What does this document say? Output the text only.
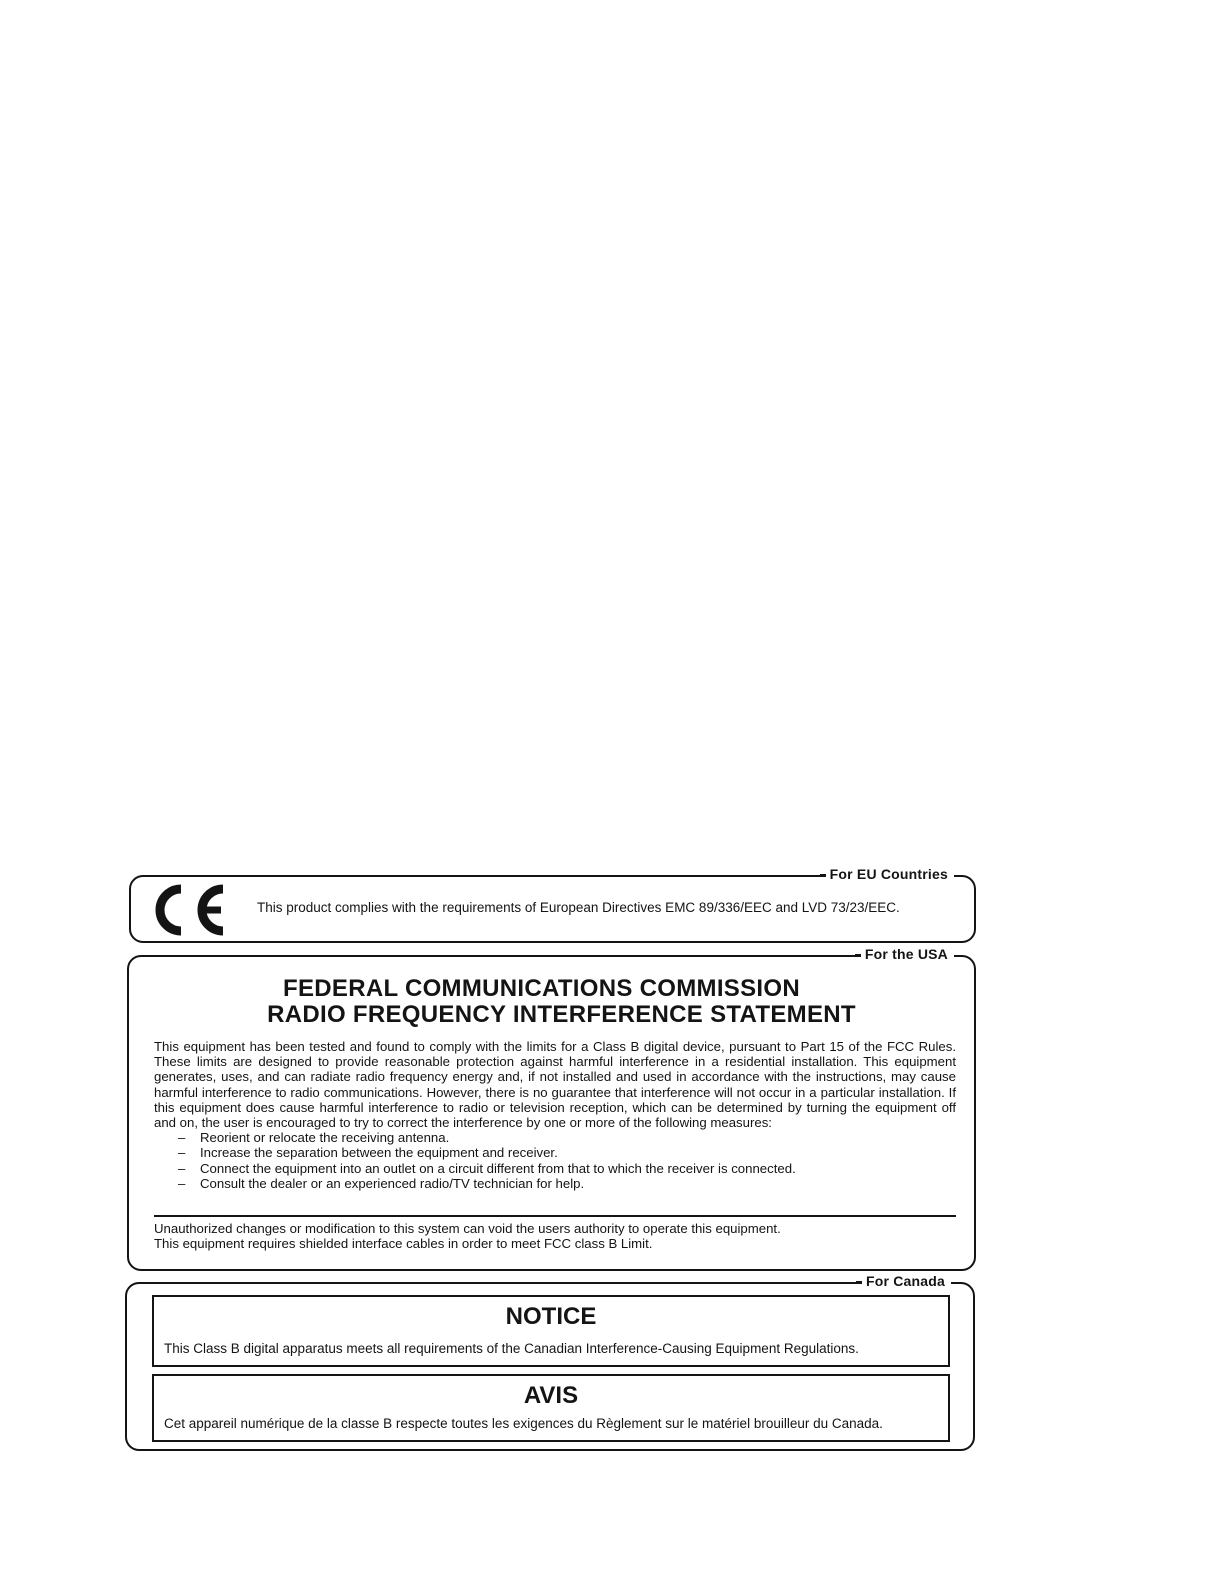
For EU Countries
This product complies with the requirements of European Directives EMC 89/336/EEC and LVD 73/23/EEC.
For the USA
FEDERAL COMMUNICATIONS COMMISSION
RADIO FREQUENCY INTERFERENCE STATEMENT

This equipment has been tested and found to comply with the limits for a Class B digital device, pursuant to Part 15 of the FCC Rules. These limits are designed to provide reasonable protection against harmful interference in a residential installation. This equipment generates, uses, and can radiate radio frequency energy and, if not installed and used in accordance with the instructions, may cause harmful interference to radio communications. However, there is no guarantee that interference will not occur in a particular installation. If this equipment does cause harmful interference to radio or television reception, which can be determined by turning the equipment off and on, the user is encouraged to try to correct the interference by one or more of the following measures:

– Reorient or relocate the receiving antenna.
– Increase the separation between the equipment and receiver.
– Connect the equipment into an outlet on a circuit different from that to which the receiver is connected.
– Consult the dealer or an experienced radio/TV technician for help.

Unauthorized changes or modification to this system can void the users authority to operate this equipment.

This equipment requires shielded interface cables in order to meet FCC class B Limit.

For Canada
NOTICE
This Class B digital apparatus meets all requirements of the Canadian Interference-Causing Equipment Regulations.
AVIS
Cet appareil numérique de la classe B respecte toutes les exigences du Règlement sur le matériel brouilleur du Canada.
